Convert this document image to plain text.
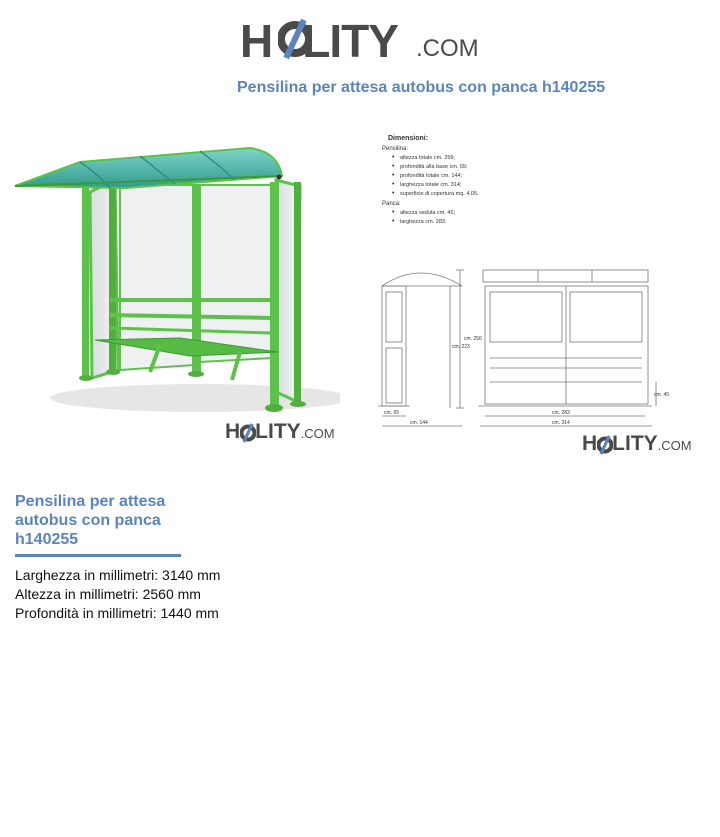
H LITY .COM
Pensilina per attesa autobus con panca h140255
H LITY.COM
Dimensioni:
Pensilina:
• altezza totale cm. 256;
• profondità alla base cm. 65;
• profondità totale cm. 144;
• larghezza totale cm. 314;
• superficie di copertura mq. 4,05.
Panca:
• altezza seduta cm. 45;
• larghezza cm. 283.
cm. 256
cm. 223
cm. 65
cm. 144
cm. 283
cm. 314
cm. 45
H LITY.COM
Pensilina per attesa autobus con panca h140255
Larghezza in millimetri: 3140 mm
Altezza in millimetri: 2560 mm
Profondità in millimetri: 1440 mm
